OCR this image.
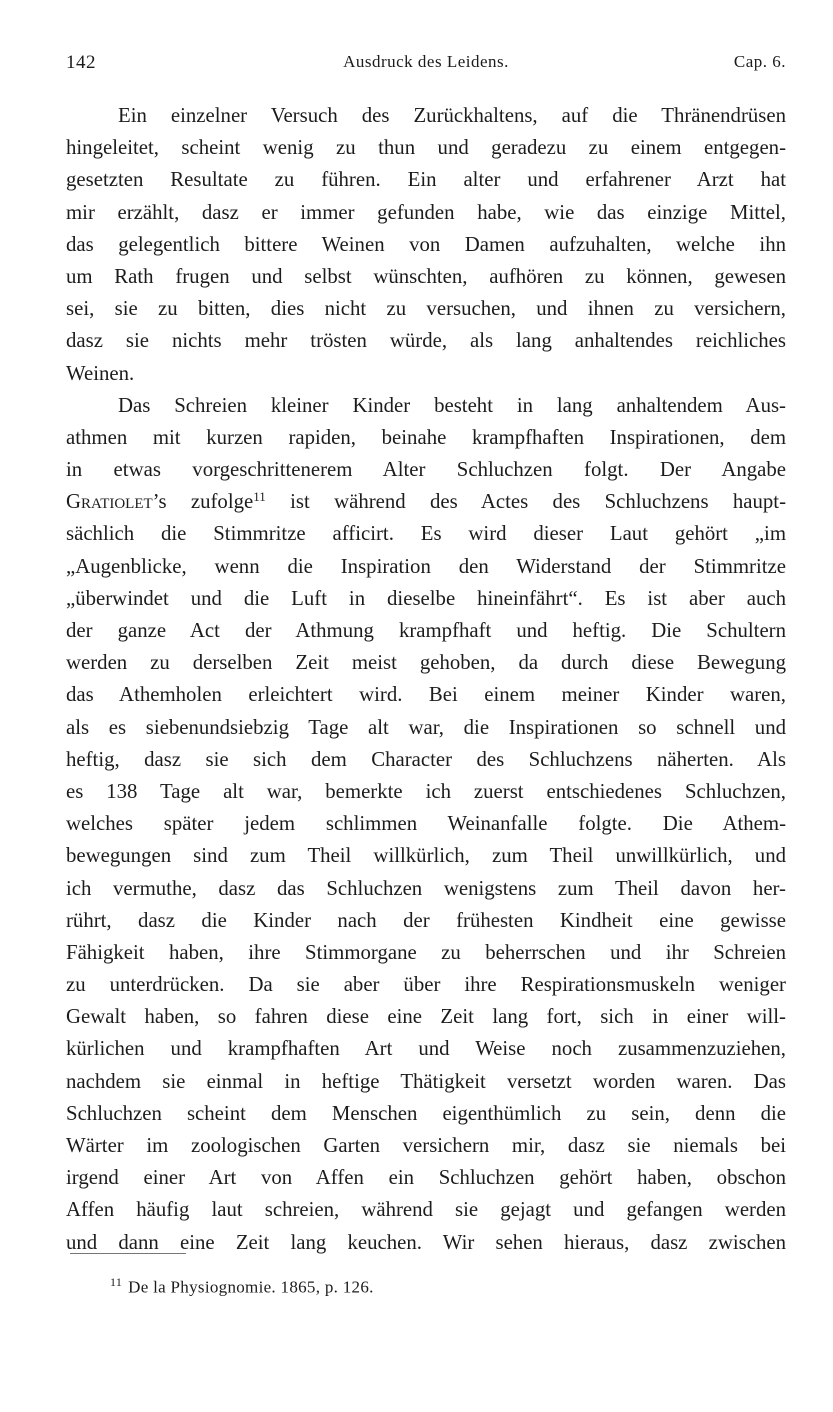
142	Ausdruck des Leidens.	Cap. 6.
Ein einzelner Versuch des Zurückhaltens, auf die Thränendrüsen
hingeleitet, scheint wenig zu thun und geradezu zu einem entgegen-
gesetzten Resultate zu führen. Ein alter und erfahrener Arzt hat
mir erzählt, dasz er immer gefunden habe, wie das einzige Mittel,
das gelegentlich bittere Weinen von Damen aufzuhalten, welche ihn
um Rath frugen und selbst wünschten, aufhören zu können, gewesen
sei, sie zu bitten, dies nicht zu versuchen, und ihnen zu versichern,
dasz sie nichts mehr trösten würde, als lang anhaltendes reichliches
Weinen.
Das Schreien kleiner Kinder besteht in lang anhaltendem Aus-
athmen mit kurzen rapiden, beinahe krampfhaften Inspirationen, dem
in etwas vorgeschrittenerem Alter Schluchzen folgt. Der Angabe
Gratiolet’s zufolge$^{11}$ ist während des Actes des Schluchzens haupt-
sächlich die Stimmritze afficirt. Es wird dieser Laut gehört „im
„Augenblicke, wenn die Inspiration den Widerstand der Stimmritze
„überwindet und die Luft in dieselbe hineinfährt“. Es ist aber auch
der ganze Act der Athmung krampfhaft und heftig. Die Schultern
werden zu derselben Zeit meist gehoben, da durch diese Bewegung
das Athemholen erleichtert wird. Bei einem meiner Kinder waren,
als es siebenundsiebzig Tage alt war, die Inspirationen so schnell und
heftig, dasz sie sich dem Character des Schluchzens näherten. Als
es 138 Tage alt war, bemerkte ich zuerst entschiedenes Schluchzen,
welches später jedem schlimmen Weinanfalle folgte. Die Athem-
bewegungen sind zum Theil willkürlich, zum Theil unwillkürlich, und
ich vermuthe, dasz das Schluchzen wenigstens zum Theil davon her-
rührt, dasz die Kinder nach der frühesten Kindheit eine gewisse
Fähigkeit haben, ihre Stimmorgane zu beherrschen und ihr Schreien
zu unterdrücken. Da sie aber über ihre Respirationsmuskeln weniger
Gewalt haben, so fahren diese eine Zeit lang fort, sich in einer will-
kürlichen und krampfhaften Art und Weise noch zusammenzuziehen,
nachdem sie einmal in heftige Thätigkeit versetzt worden waren. Das
Schluchzen scheint dem Menschen eigenthümlich zu sein, denn die
Wärter im zoologischen Garten versichern mir, dasz sie niemals bei
irgend einer Art von Affen ein Schluchzen gehört haben, obschon
Affen häufig laut schreien, während sie gejagt und gefangen werden
und dann eine Zeit lang keuchen. Wir sehen hieraus, dasz zwischen
$^{11}$ De la Physiognomie. 1865, p. 126.
